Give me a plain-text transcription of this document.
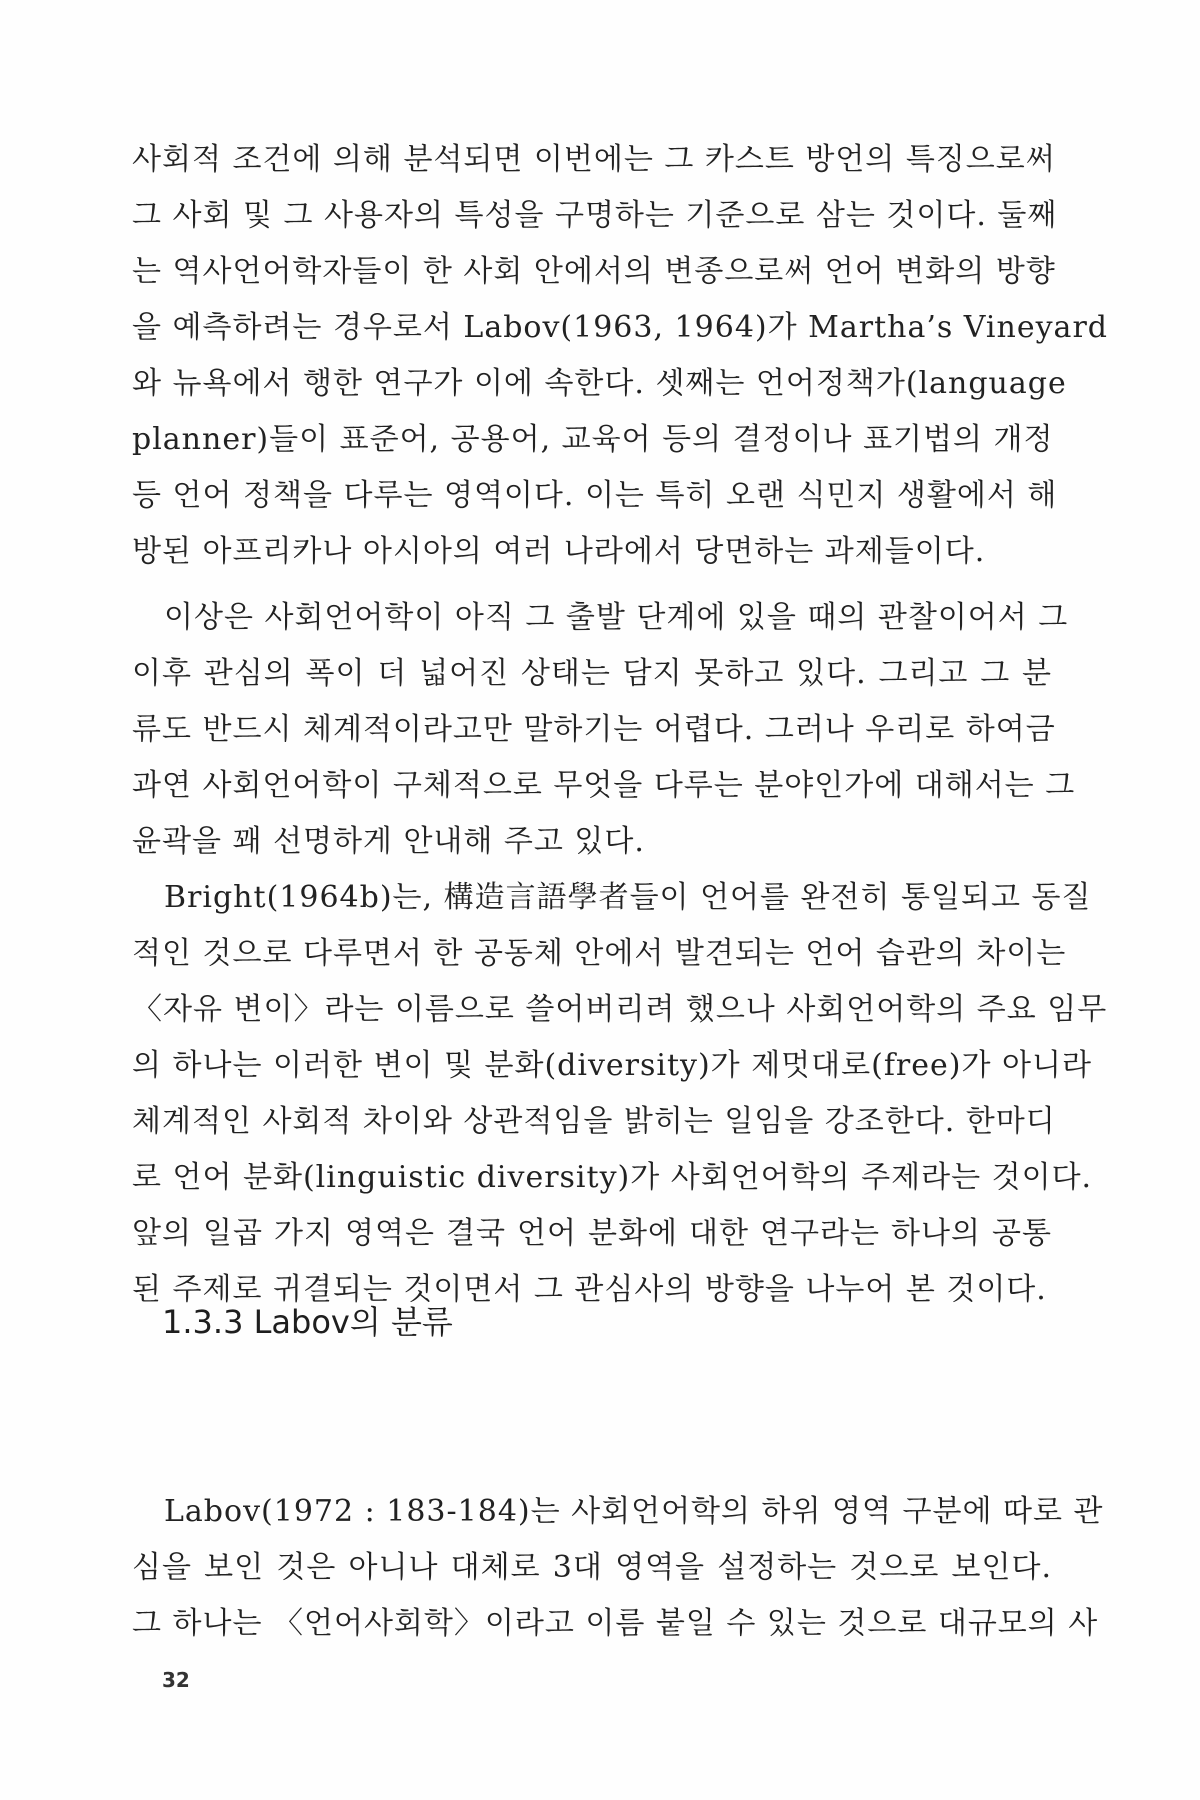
사회적 조건에 의해 분석되면 이번에는 그 카스트 방언의 특징으로써
그 사회 및 그 사용자의 특성을 구명하는 기준으로 삼는 것이다. 둘째
는 역사언어학자들이 한 사회 안에서의 변종으로써 언어 변화의 방향
을 예측하려는 경우로서 Labov(1963, 1964)가 Martha’s Vineyard
와 뉴욕에서 행한 연구가 이에 속한다. 셋째는 언어정책가(language
planner)들이 표준어, 공용어, 교육어 등의 결정이나 표기법의 개정
등 언어 정책을 다루는 영역이다. 이는 특히 오랜 식민지 생활에서 해
방된 아프리카나 아시아의 여러 나라에서 당면하는 과제들이다.
이상은 사회언어학이 아직 그 출발 단계에 있을 때의 관찰이어서 그
이후 관심의 폭이 더 넓어진 상태는 담지 못하고 있다. 그리고 그 분
류도 반드시 체계적이라고만 말하기는 어렵다. 그러나 우리로 하여금
과연 사회언어학이 구체적으로 무엇을 다루는 분야인가에 대해서는 그
윤곽을 꽤 선명하게 안내해 주고 있다.
Bright(1964b)는, 構造言語學者들이 언어를 완전히 통일되고 동질
적인 것으로 다루면서 한 공동체 안에서 발견되는 언어 습관의 차이는
〈자유 변이〉라는 이름으로 쓸어버리려 했으나 사회언어학의 주요 임무
의 하나는 이러한 변이 및 분화(diversity)가 제멋대로(free)가 아니라
체계적인 사회적 차이와 상관적임을 밝히는 일임을 강조한다. 한마디
로 언어 분화(linguistic diversity)가 사회언어학의 주제라는 것이다.
앞의 일곱 가지 영역은 결국 언어 분화에 대한 연구라는 하나의 공통
된 주제로 귀결되는 것이면서 그 관심사의 방향을 나누어 본 것이다.
1.3.3 Labov의 분류
Labov(1972 : 183-184)는 사회언어학의 하위 영역 구분에 따로 관
심을 보인 것은 아니나 대체로 3대 영역을 설정하는 것으로 보인다.
그 하나는 〈언어사회학〉이라고 이름 붙일 수 있는 것으로 대규모의 사
32
